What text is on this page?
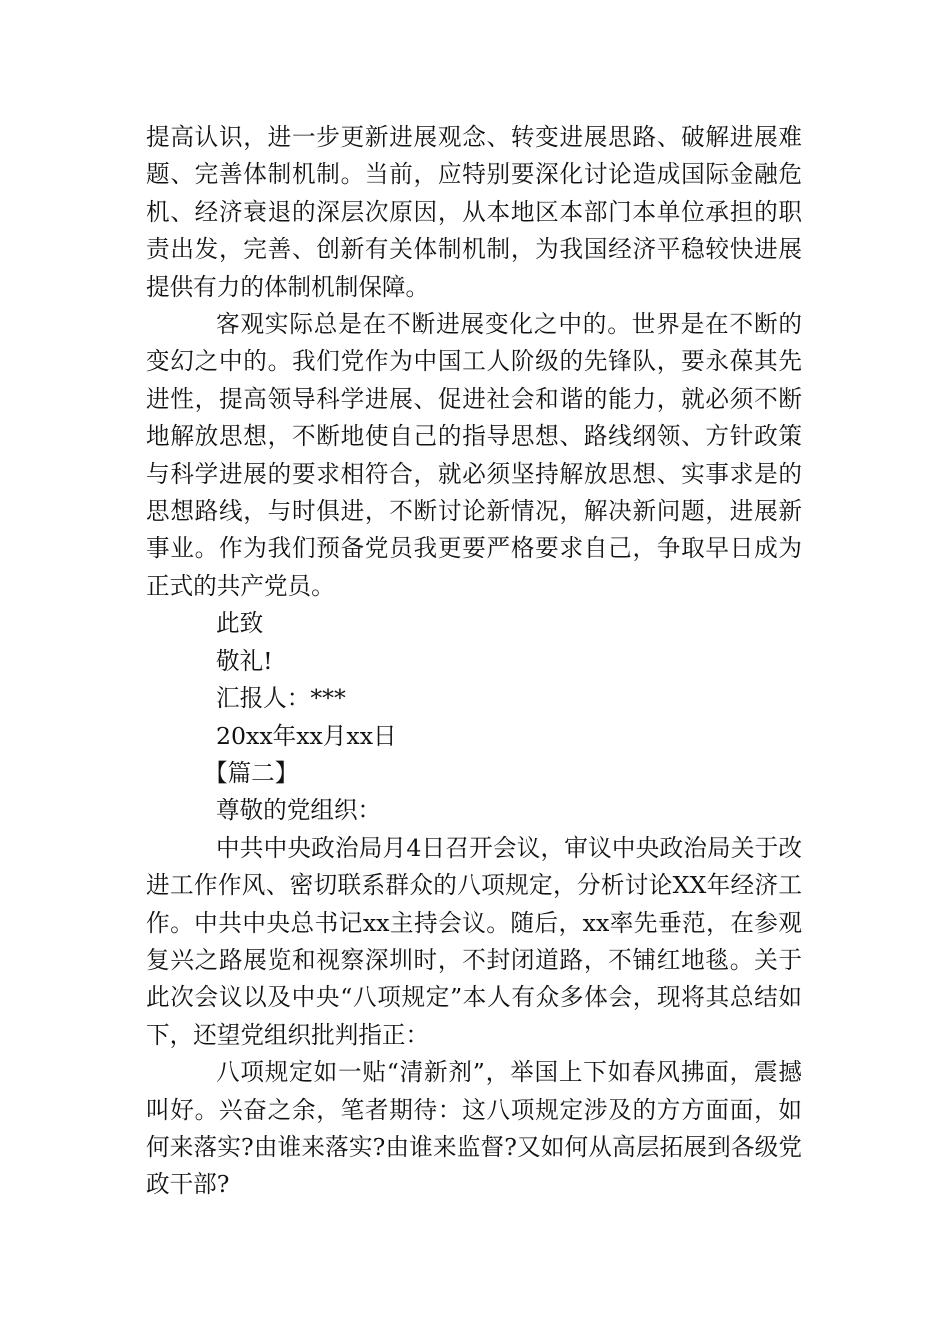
提高认识，进一步更新进展观念、转变进展思路、破解进展难题、完善体制机制。当前，应特别要深化讨论造成国际金融危机、经济衰退的深层次原因，从本地区本部门本单位承担的职责出发，完善、创新有关体制机制，为我国经济平稳较快进展提供有力的体制机制保障。

客观实际总是在不断进展变化之中的。世界是在不断的变幻之中的。我们党作为中国工人阶级的先锋队，要永葆其先进性，提高领导科学进展、促进社会和谐的能力，就必须不断地解放思想，不断地使自己的指导思想、路线纲领、方针政策与科学进展的要求相符合，就必须坚持解放思想、实事求是的思想路线，与时俱进，不断讨论新情况，解决新问题，进展新事业。作为我们预备党员我更要严格要求自己，争取早日成为正式的共产党员。

此致

敬礼!

汇报人：***

20xx年xx月xx日

【篇二】

尊敬的党组织：

中共中央政治局月4日召开会议，审议中央政治局关于改进工作作风、密切联系群众的八项规定，分析讨论XX年经济工作。中共中央总书记xx主持会议。随后，xx率先垂范，在参观复兴之路展览和视察深圳时，不封闭道路，不铺红地毯。关于此次会议以及中央“八项规定”本人有众多体会，现将其总结如下，还望党组织批判指正：

八项规定如一贴“清新剂”，举国上下如春风拂面，震撼叫好。兴奋之余，笔者期待：这八项规定涉及的方方面面，如何来落实?由谁来落实?由谁来监督?又如何从高层拓展到各级党政干部?
